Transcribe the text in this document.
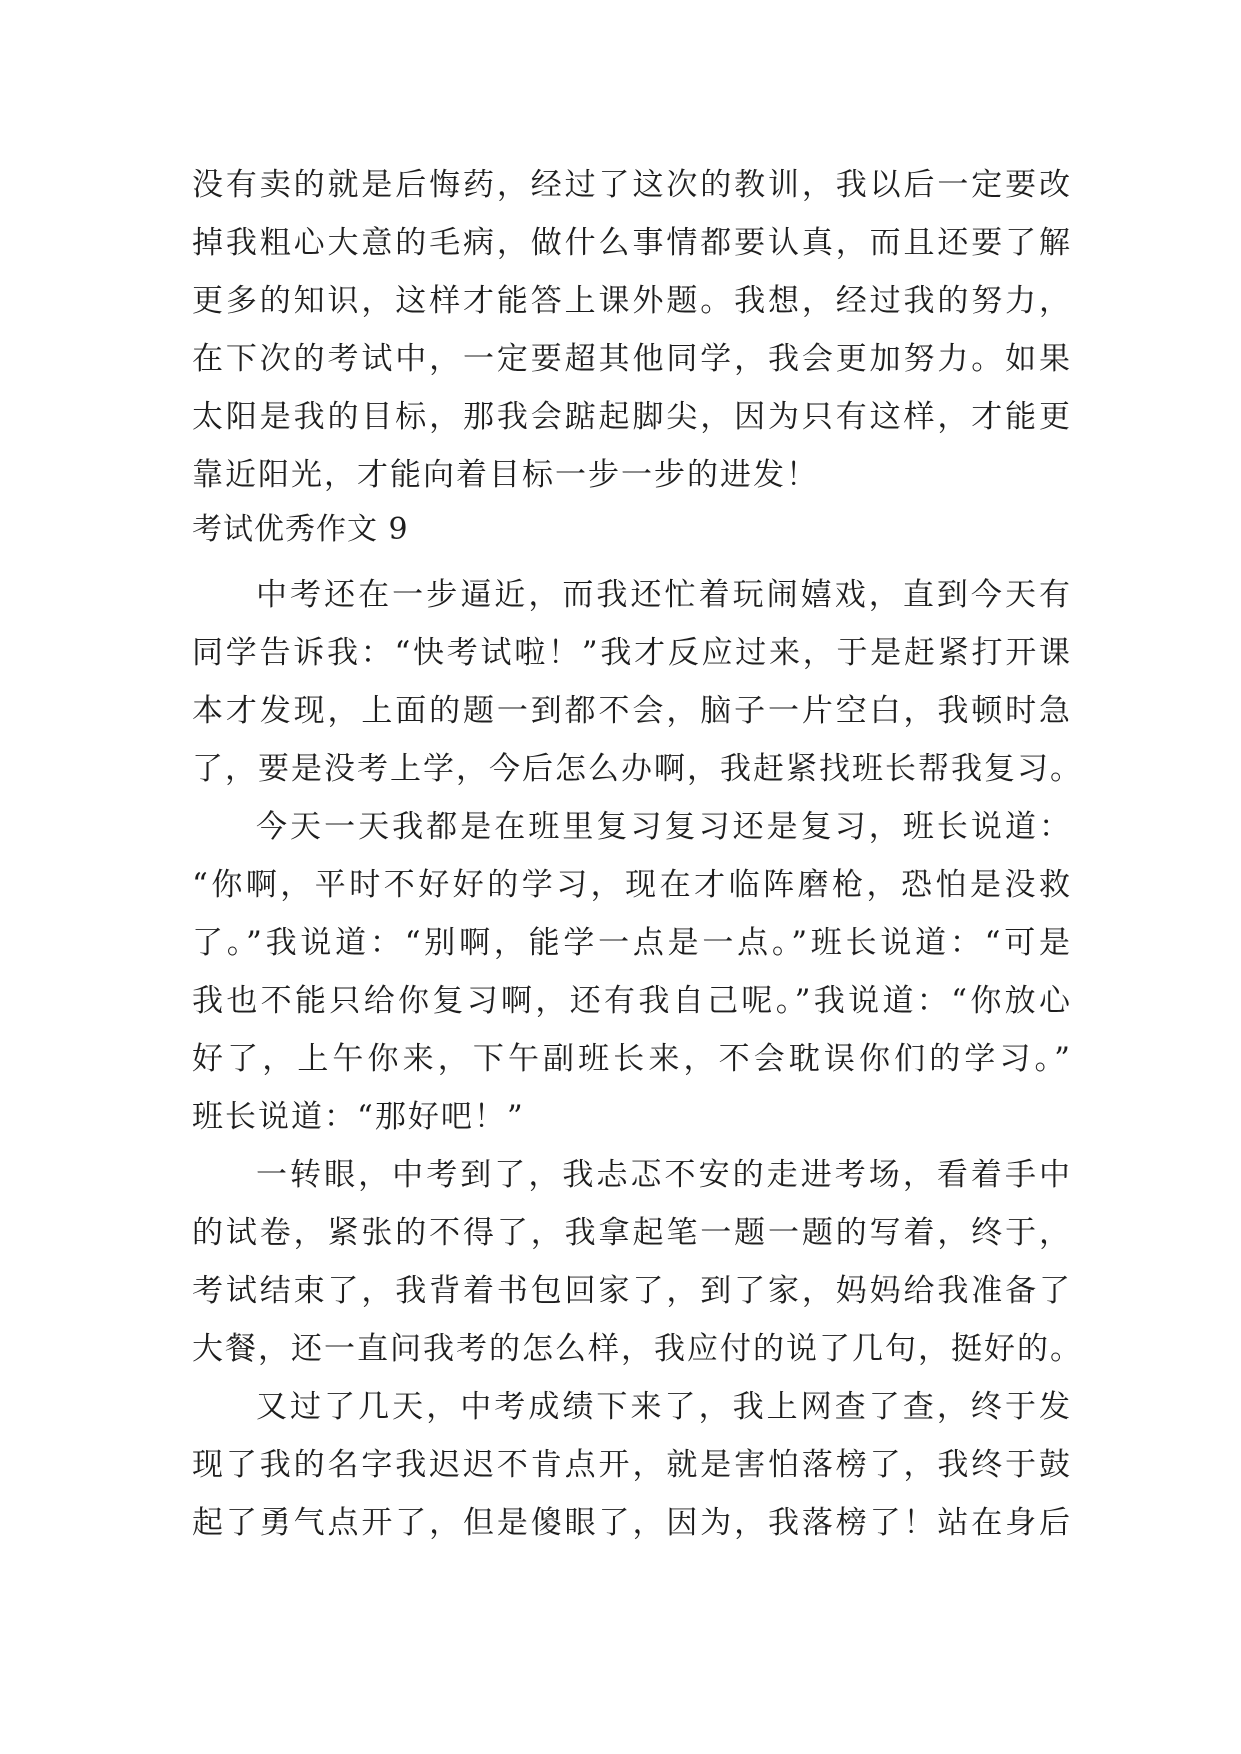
没有卖的就是后悔药，经过了这次的教训，我以后一定要改
掉我粗心大意的毛病，做什么事情都要认真，而且还要了解
更多的知识，这样才能答上课外题。我想，经过我的努力，
在下次的考试中，一定要超其他同学，我会更加努力。如果
太阳是我的目标，那我会踮起脚尖，因为只有这样，才能更
靠近阳光，才能向着目标一步一步的进发！
考试优秀作文 9
中考还在一步逼近，而我还忙着玩闹嬉戏，直到今天有
同学告诉我：“快考试啦！”我才反应过来，于是赶紧打开课
本才发现，上面的题一到都不会，脑子一片空白，我顿时急
了，要是没考上学，今后怎么办啊，我赶紧找班长帮我复习。
今天一天我都是在班里复习复习还是复习，班长说道：
“你啊，平时不好好的学习，现在才临阵磨枪，恐怕是没救
了。”我说道：“别啊，能学一点是一点。”班长说道：“可是
我也不能只给你复习啊，还有我自己呢。”我说道：“你放心
好了，上午你来，下午副班长来，不会耽误你们的学习。”
班长说道：“那好吧！”
一转眼，中考到了，我忐忑不安的走进考场，看着手中
的试卷，紧张的不得了，我拿起笔一题一题的写着，终于，
考试结束了，我背着书包回家了，到了家，妈妈给我准备了
大餐，还一直问我考的怎么样，我应付的说了几句，挺好的。
又过了几天，中考成绩下来了，我上网查了查，终于发
现了我的名字我迟迟不肯点开，就是害怕落榜了，我终于鼓
起了勇气点开了，但是傻眼了，因为，我落榜了！站在身后
